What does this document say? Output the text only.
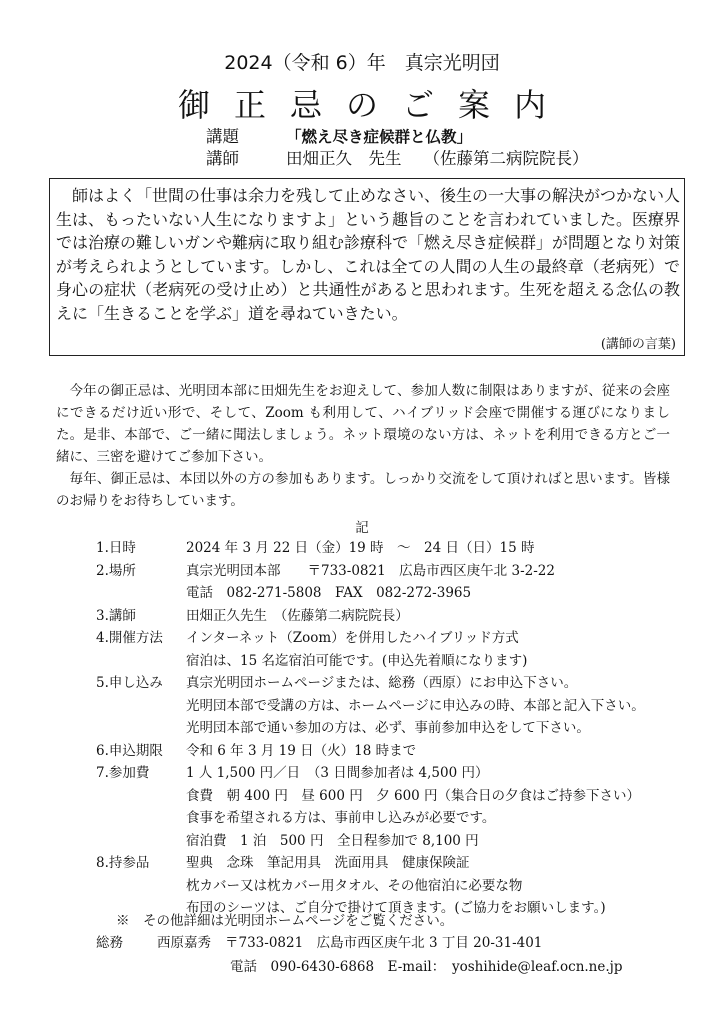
2024（令和 6）年　真宗光明団
御正忌のご案内
講題	「燃え尽き症候群と仏教」
講師	田畑正久　先生 （佐藤第二病院院長）
師はよく「世間の仕事は余力を残して止めなさい、後生の一大事の解決がつかない人生は、もったいない人生になりますよ」という趣旨のことを言われていました。医療界では治療の難しいガンや難病に取り組む診療科で「燃え尽き症候群」が問題となり対策が考えられようとしています。しかし、これは全ての人間の人生の最終章（老病死）で身心の症状（老病死の受け止め）と共通性があると思われます。生死を超える念仏の教えに「生きることを学ぶ」道を尋ねていきたい。
(講師の言葉)

今年の御正忌は、光明団本部に田畑先生をお迎えして、参加人数に制限はありますが、従来の会座にできるだけ近い形で、そして、Zoom も利用して、ハイブリッド会座で開催する運びになりました。是非、本部で、ご一緒に聞法しましょう。ネット環境のない方は、ネットを利用できる方とご一緒に、三密を避けてご参加下さい。

毎年、御正忌は、本団以外の方の参加もあります。しっかり交流をして頂ければと思います。皆様のお帰りをお待ちしています。

記
1.日時	2024 年 3 月 22 日（金）19 時　～　24 日（日）15 時
2.場所	真宗光明団本部　　〒733-0821　広島市西区庚午北 3-2-22
電話　082-271-5808　FAX　082-272-3965
3.講師	田畑正久先生　（佐藤第二病院院長）
4.開催方法	インターネット（Zoom）を併用したハイブリッド方式
宿泊は、15 名迄宿泊可能です。(申込先着順になります)
5.申し込み	真宗光明団ホームページまたは、総務（西原）にお申込下さい。
光明団本部で受講の方は、ホームページに申込みの時、本部と記入下さい。
光明団本部で通い参加の方は、必ず、事前参加申込をして下さい。
6.申込期限	令和 6 年 3 月 19 日（火）18 時まで
7.参加費	1 人 1,500 円／日　（3 日間参加者は 4,500 円）
食費　朝 400 円　昼 600 円　夕 600 円（集合日の夕食はご持参下さい）
食事を希望される方は、事前申し込みが必要です。
宿泊費　1 泊　500 円　全日程参加で 8,100 円
8.持参品	聖典　念珠　筆記用具　洗面用具　健康保険証
枕カバー又は枕カバー用タオル、その他宿泊に必要な物
布団のシーツは、ご自分で掛けて頂きます。(ご協力をお願いします。)
※　その他詳細は光明団ホームページをご覧ください。
総務	西原嘉秀 〒733-0821　広島市西区庚午北 3 丁目 20-31-401
電話　090-6430-6868　E-mail：　yoshihide@leaf.ocn.ne.jp
